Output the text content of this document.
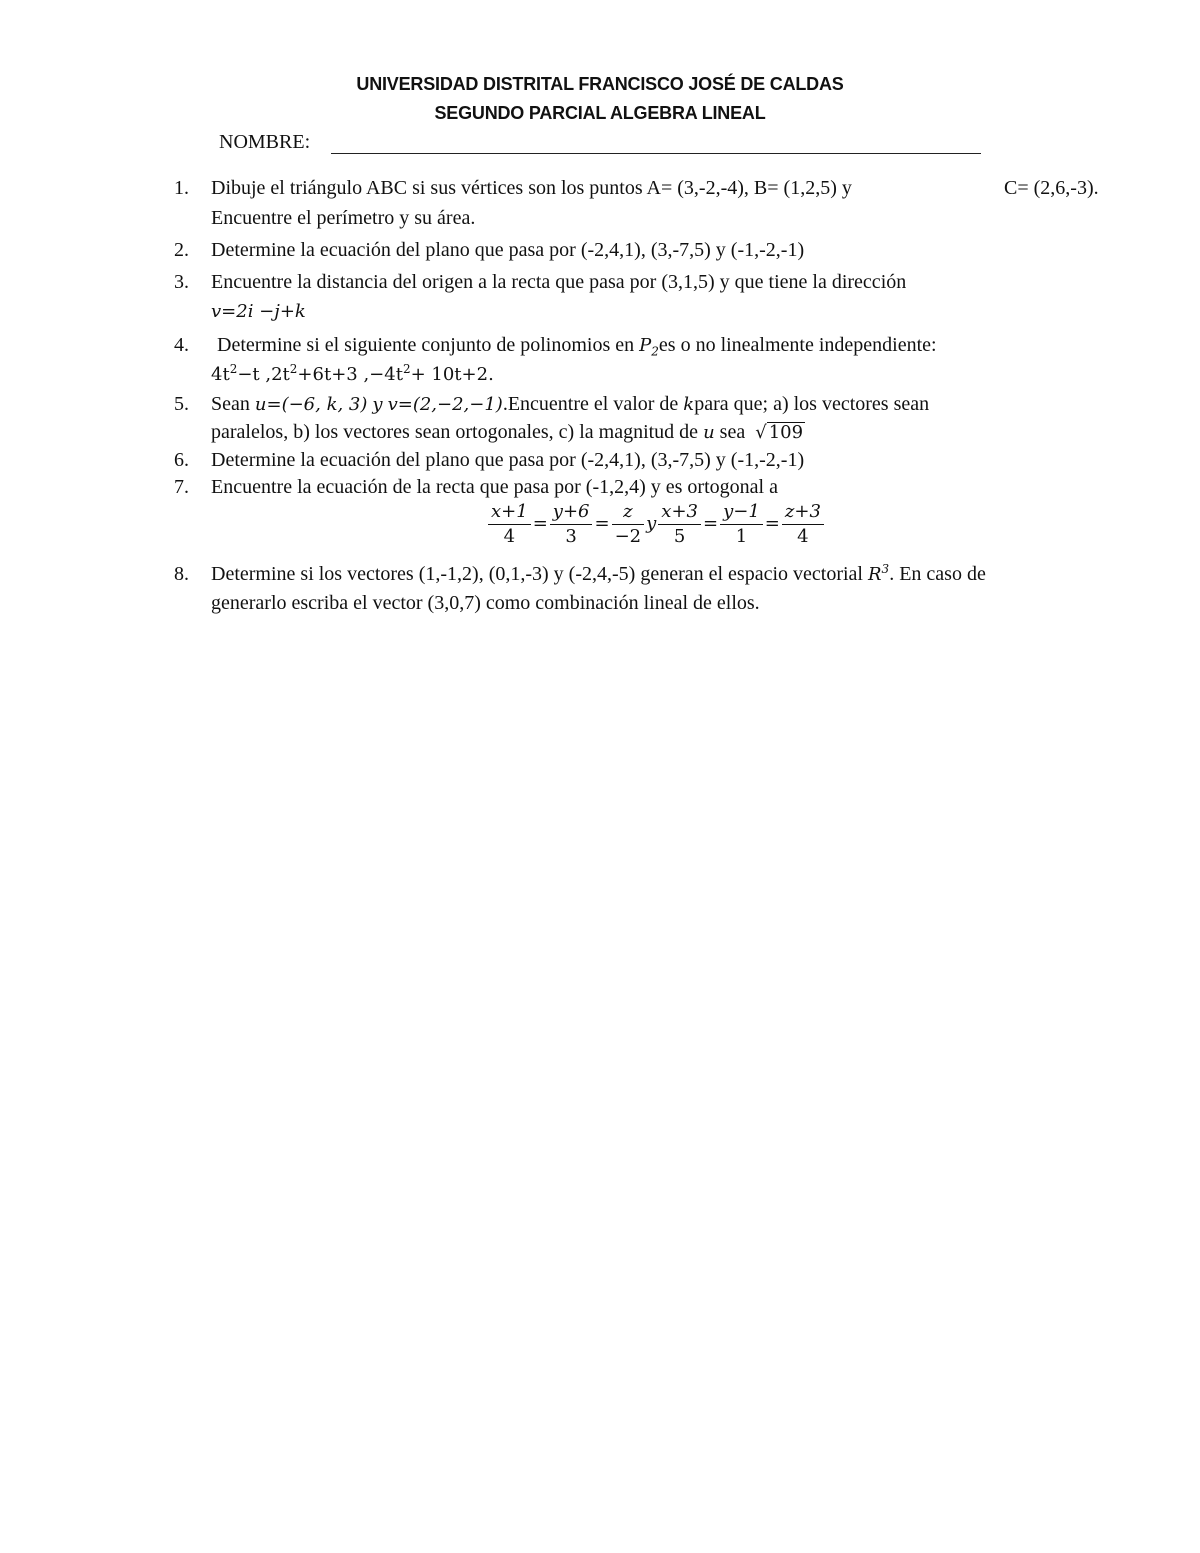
UNIVERSIDAD DISTRITAL FRANCISCO JOSÉ DE CALDAS
SEGUNDO PARCIAL ALGEBRA LINEAL
NOMBRE:
1. Dibuje el triángulo ABC si sus vértices son los puntos A= (3,-2,-4), B= (1,2,5) y	C= (2,6,-3).
Encuentre el perímetro y su área.
2. Determine la ecuación del plano que pasa por (-2,4,1), (3,-7,5) y (-1,-2,-1)
3. Encuentre la distancia del origen a la recta que pasa por (3,1,5) y que tiene la dirección
v=2i −j+k
4. Determine si el siguiente conjunto de polinomios en $P_2es$ o no linealmente independiente:
$4t^2-t$ $,2t^2+6t+3$ $,-4t^2+ 10t+2$.
5. Sean u=(−6, k, 3) y v=(2,−2,−1).Encuentre el valor de kpara que; a) los vectores sean
paralelos, b) los vectores sean ortogonales, c) la magnitud de u sea √ 109
6. Determine la ecuación del plano que pasa por (-2,4,1), (3,-7,5) y (-1,-2,-1)
7. Encuentre la ecuación de la recta que pasa por (-1,2,4) y es ortogonal a
$\frac{x+1}{4} = \frac{y+6}{3} = \frac{z}{-2}$ y $\frac{x+3}{5} = \frac{y-1}{1} = \frac{z+3}{4}$
8. Determine si los vectores (1,-1,2), (0,1,-3) y (-2,4,-5) generan el espacio vectorial $R^3$. En caso de
generarlo escriba el vector (3,0,7) como combinación lineal de ellos.
